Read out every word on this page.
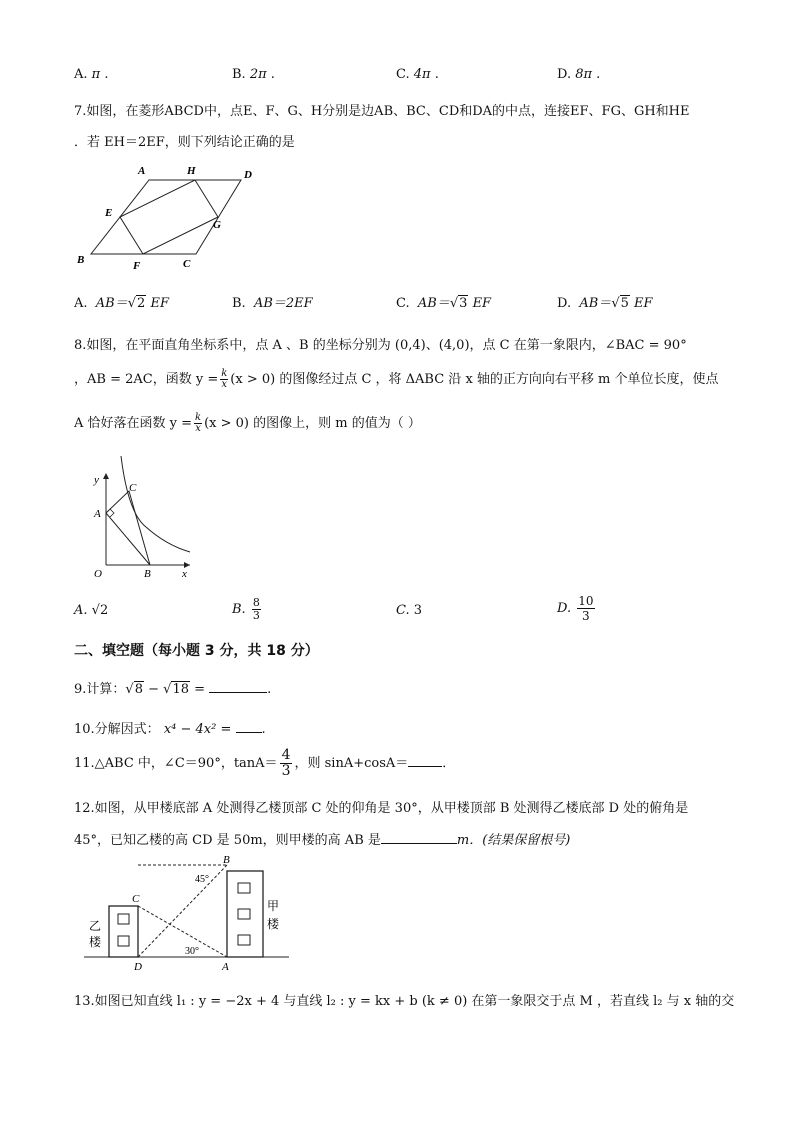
A. π .	B. 2π .	C. 4π .	D. 8π .
7.如图，在菱形ABCD中，点E、F、G、H分别是边AB、BC、CD和DA的中点，连接EF、FG、GH和HE
．若 EH＝2EF，则下列结论正确的是
A	H	D
E
G
B	F	C
A. AB＝√2 EF	B. AB＝2EF	C. AB＝√3 EF	D. AB＝√5 EF
8.如图，在平面直角坐标系中，点 A 、B 的坐标分别为 (0,4)、(4,0)，点 C 在第一象限内，∠BAC = 90°
，AB = 2AC，函数 $y = \frac{k}{x} (x > 0)$ 的图像经过点 C ，将 ΔABC 沿 x 轴的正方向向右平移 m 个单位长度，使点
A 恰好落在函数 $y = \frac{k}{x} (x > 0)$ 的图像上，则 m 的值为（ ）
y
C
A
O	B	x
A. √2	B. $\frac{8}{3}$	C. 3	D. $\frac{10}{3}$
二、填空题（每小题 3 分，共 18 分）
9.计算：√8 − √18 =	.
10.分解因式： x⁴ − 4x² = .
11.△ABC 中，∠C＝90°，$\tan A= \frac{4}{3}$ ，则 sinA+cosA＝	．
12.如图，从甲楼底部 A 处测得乙楼顶部 C 处的仰角是 30°，从甲楼顶部 B 处测得乙楼底部 D 处的俯角是
45°，已知乙楼的高 CD 是 50m，则甲楼的高 AB 是	m．(结果保留根号)
B
45°
C
乙
楼
甲
楼
30°
D	A
13.如图已知直线 l₁ : y = −2x + 4 与直线 l₂ : y = kx + b (k ≠ 0) 在第一象限交于点 M ，若直线 l₂ 与 x 轴的交
